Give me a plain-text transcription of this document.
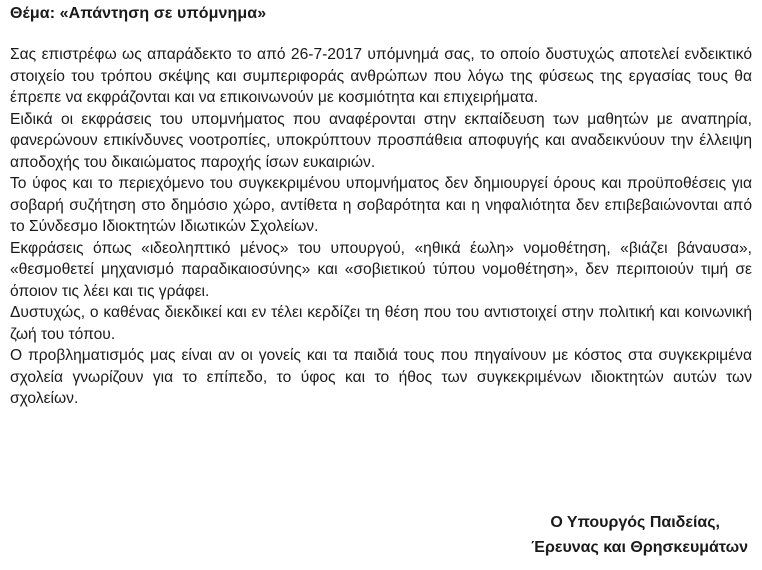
Θέμα: «Απάντηση σε υπόμνημα»

Σας επιστρέφω ως απαράδεκτο το από 26-7-2017 υπόμνημά σας, το οποίο δυστυχώς αποτελεί ενδεικτικό στοιχείο του τρόπου σκέψης και συμπεριφοράς ανθρώπων που λόγω της φύσεως της εργασίας τους θα έπρεπε να εκφράζονται και να επικοινωνούν με κοσμιότητα και επιχειρήματα.

Ειδικά οι εκφράσεις του υπομνήματος που αναφέρονται στην εκπαίδευση των μαθητών με αναπηρία, φανερώνουν επικίνδυνες νοοτροπίες, υποκρύπτουν προσπάθεια αποφυγής και αναδεικνύουν την έλλειψη αποδοχής του δικαιώματος παροχής ίσων ευκαιριών.

Το ύφος και το περιεχόμενο του συγκεκριμένου υπομνήματος δεν δημιουργεί όρους και προϋποθέσεις για σοβαρή συζήτηση στο δημόσιο χώρο, αντίθετα η σοβαρότητα και η νηφαλιότητα δεν επιβεβαιώνονται από το Σύνδεσμο Ιδιοκτητών Ιδιωτικών Σχολείων.

Εκφράσεις όπως «ιδεοληπτικό μένος» του υπουργού, «ηθικά έωλη» νομοθέτηση, «βιάζει βάναυσα», «θεσμοθετεί μηχανισμό παραδικαιοσύνης» και «σοβιετικού τύπου νομοθέτηση», δεν περιποιούν τιμή σε όποιον τις λέει και τις γράφει.

Δυστυχώς, ο καθένας διεκδικεί και εν τέλει κερδίζει τη θέση που του αντιστοιχεί στην πολιτική και κοινωνική ζωή του τόπου.

Ο προβληματισμός μας είναι αν οι γονείς και τα παιδιά τους που πηγαίνουν με κόστος στα συγκεκριμένα σχολεία γνωρίζουν για το επίπεδο, το ύφος και το ήθος των συγκεκριμένων ιδιοκτητών αυτών των σχολείων.

Ο Υπουργός Παιδείας,
Έρευνας και Θρησκευμάτων
